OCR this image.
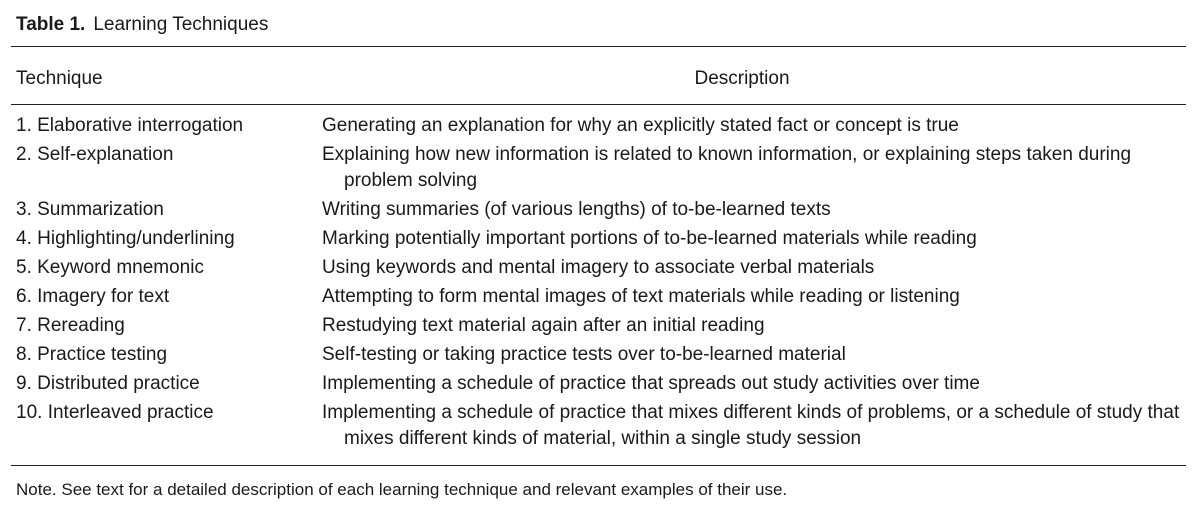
Table 1. Learning Techniques
Technique	Description
1. Elaborative interrogation	Generating an explanation for why an explicitly stated fact or concept is true
2. Self-explanation	Explaining how new information is related to known information, or explaining steps taken during problem solving
3. Summarization	Writing summaries (of various lengths) of to-be-learned texts
4. Highlighting/underlining	Marking potentially important portions of to-be-learned materials while reading
5. Keyword mnemonic	Using keywords and mental imagery to associate verbal materials
6. Imagery for text	Attempting to form mental images of text materials while reading or listening
7. Rereading	Restudying text material again after an initial reading
8. Practice testing	Self-testing or taking practice tests over to-be-learned material
9. Distributed practice	Implementing a schedule of practice that spreads out study activities over time
10. Interleaved practice	Implementing a schedule of practice that mixes different kinds of problems, or a schedule of study that mixes different kinds of material, within a single study session
Note. See text for a detailed description of each learning technique and relevant examples of their use.
